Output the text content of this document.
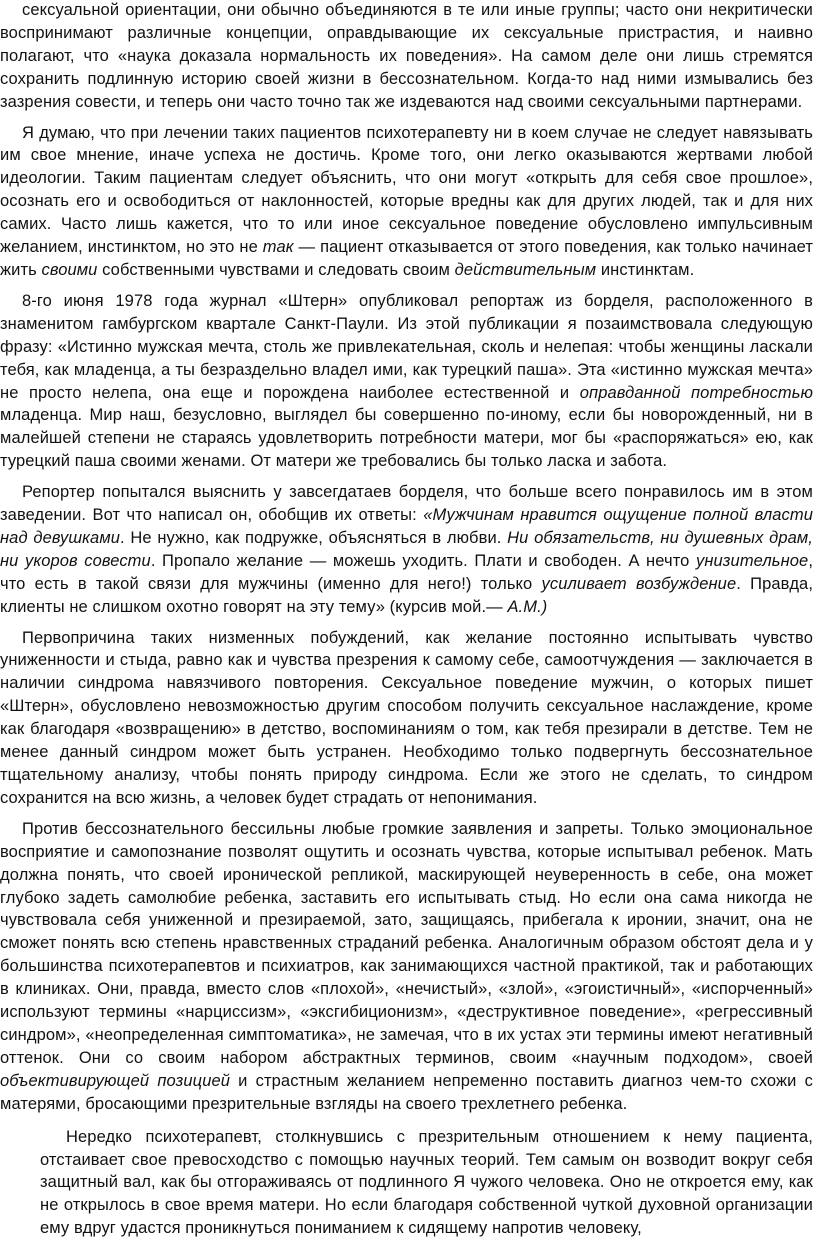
сексуальной ориентации, они обычно объединяются в те или иные группы; часто они некритически воспринимают различные концепции, оправдывающие их сексуальные пристрастия, и наивно полагают, что «наука доказала нормальность их поведения». На самом деле они лишь стремятся сохранить подлинную историю своей жизни в бессознательном. Когда-то над ними измывались без зазрения совести, и теперь они часто точно так же издеваются над своими сексуальными партнерами.

Я думаю, что при лечении таких пациентов психотерапевту ни в коем случае не следует навязывать им свое мнение, иначе успеха не достичь. Кроме того, они легко оказываются жертвами любой идеологии. Таким пациентам следует объяснить, что они могут «открыть для себя свое прошлое», осознать его и освободиться от наклонностей, которые вредны как для других людей, так и для них самих. Часто лишь кажется, что то или иное сексуальное поведение обусловлено импульсивным желанием, инстинктом, но это не так — пациент отказывается от этого поведения, как только начинает жить своими собственными чувствами и следовать своим действительным инстинктам.

8-го июня 1978 года журнал «Штерн» опубликовал репортаж из борделя, расположенного в знаменитом гамбургском квартале Санкт-Паули. Из этой публикации я позаимствовала следующую фразу: «Истинно мужская мечта, столь же привлекательная, сколь и нелепая: чтобы женщины ласкали тебя, как младенца, а ты безраздельно владел ими, как турецкий паша». Эта «истинно мужская мечта» не просто нелепа, она еще и порождена наиболее естественной и оправданной потребностью младенца. Мир наш, безусловно, выглядел бы совершенно по-иному, если бы новорожденный, ни в малейшей степени не стараясь удовлетворить потребности матери, мог бы «распоряжаться» ею, как турецкий паша своими женами. От матери же требовались бы только ласка и забота.

Репортер попытался выяснить у завсегдатаев борделя, что больше всего понравилось им в этом заведении. Вот что написал он, обобщив их ответы: «Мужчинам нравится ощущение полной власти над девушками. Не нужно, как подружке, объясняться в любви. Ни обязательств, ни душевных драм, ни укоров совести. Пропало желание — можешь уходить. Плати и свободен. А нечто унизительное, что есть в такой связи для мужчины (именно для него!) только усиливает возбуждение. Правда, клиенты не слишком охотно говорят на эту тему» (курсив мой.— А.М.)

Первопричина таких низменных побуждений, как желание постоянно испытывать чувство униженности и стыда, равно как и чувства презрения к самому себе, самоотчуждения — заключается в наличии синдрома навязчивого повторения. Сексуальное поведение мужчин, о которых пишет «Штерн», обусловлено невозможностью другим способом получить сексуальное наслаждение, кроме как благодаря «возвращению» в детство, воспоминаниям о том, как тебя презирали в детстве. Тем не менее данный синдром может быть устранен. Необходимо только подвергнуть бессознательное тщательному анализу, чтобы понять природу синдрома. Если же этого не сделать, то синдром сохранится на всю жизнь, а человек будет страдать от непонимания.

Против бессознательного бессильны любые громкие заявления и запреты. Только эмоциональное восприятие и самопознание позволят ощутить и осознать чувства, которые испытывал ребенок. Мать должна понять, что своей иронической репликой, маскирующей неуверенность в себе, она может глубоко задеть самолюбие ребенка, заставить его испытывать стыд. Но если она сама никогда не чувствовала себя униженной и презираемой, зато, защищаясь, прибегала к иронии, значит, она не сможет понять всю степень нравственных страданий ребенка. Аналогичным образом обстоят дела и у большинства психотерапевтов и психиатров, как занимающихся частной практикой, так и работающих в клиниках. Они, правда, вместо слов «плохой», «нечистый», «злой», «эгоистичный», «испорченный» используют термины «нарциссизм», «эксгибиционизм», «деструктивное поведение», «регрессивный синдром», «неопределенная симптоматика», не замечая, что в их устах эти термины имеют негативный оттенок. Они со своим набором абстрактных терминов, своим «научным подходом», своей объективирующей позицией и страстным желанием непременно поставить диагноз чем-то схожи с матерями, бросающими презрительные взгляды на своего трехлетнего ребенка.

Нередко психотерапевт, столкнувшись с презрительным отношением к нему пациента, отстаивает свое превосходство с помощью научных теорий. Тем самым он возводит вокруг себя защитный вал, как бы отгораживаясь от подлинного Я чужого человека. Оно не откроется ему, как не открылось в свое время матери. Но если благодаря собственной чуткой духовной организации ему вдруг удастся проникнуться пониманием к сидящему напротив человеку,
